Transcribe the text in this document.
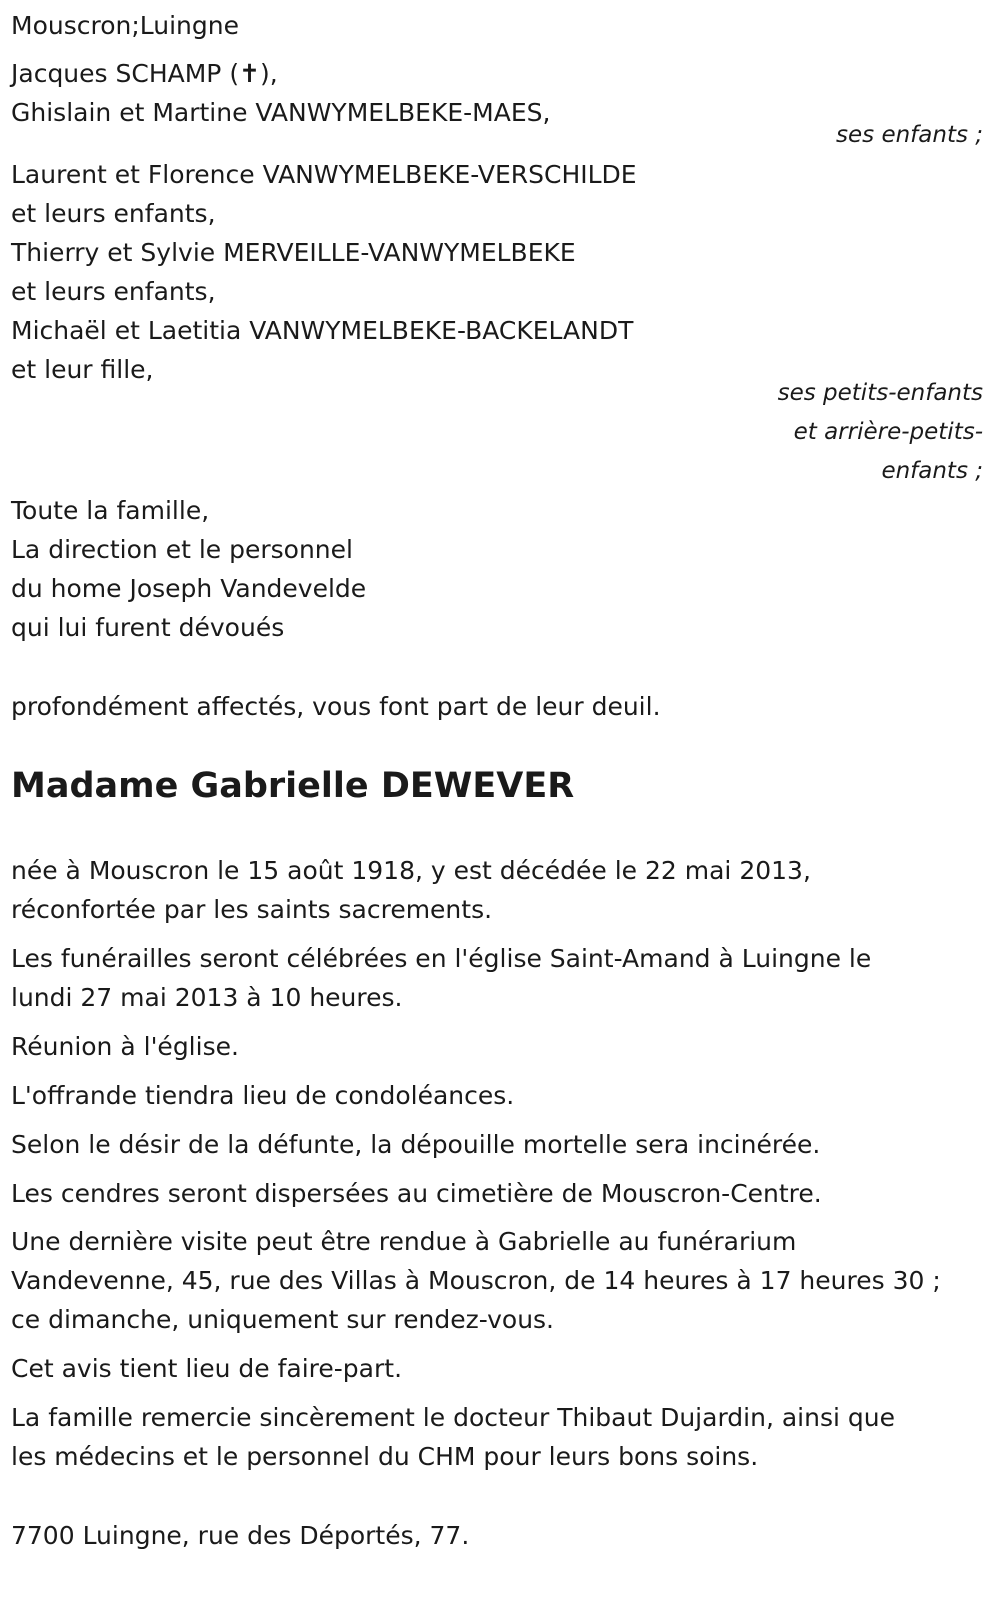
Mouscron;Luingne
Jacques SCHAMP (✝),
Ghislain et Martine VANWYMELBEKE-MAES,
ses enfants ;
Laurent et Florence VANWYMELBEKE-VERSCHILDE
et leurs enfants,
Thierry et Sylvie MERVEILLE-VANWYMELBEKE
et leurs enfants,
Michaël et Laetitia VANWYMELBEKE-BACKELANDT
et leur fille,
ses petits-enfants
et arrière-petits-
enfants ;
Toute la famille,
La direction et le personnel
du home Joseph Vandevelde
qui lui furent dévoués
profondément affectés, vous font part de leur deuil.
Madame Gabrielle DEWEVER
née à Mouscron le 15 août 1918, y est décédée le 22 mai 2013,
réconfortée par les saints sacrements.
Les funérailles seront célébrées en l'église Saint-Amand à Luingne le
lundi 27 mai 2013 à 10 heures.
Réunion à l'église.
L'offrande tiendra lieu de condoléances.
Selon le désir de la défunte, la dépouille mortelle sera incinérée.
Les cendres seront dispersées au cimetière de Mouscron-Centre.
Une dernière visite peut être rendue à Gabrielle au funérarium
Vandevenne, 45, rue des Villas à Mouscron, de 14 heures à 17 heures 30 ;
ce dimanche, uniquement sur rendez-vous.
Cet avis tient lieu de faire-part.
La famille remercie sincèrement le docteur Thibaut Dujardin, ainsi que
les médecins et le personnel du CHM pour leurs bons soins.
7700 Luingne, rue des Déportés, 77.
